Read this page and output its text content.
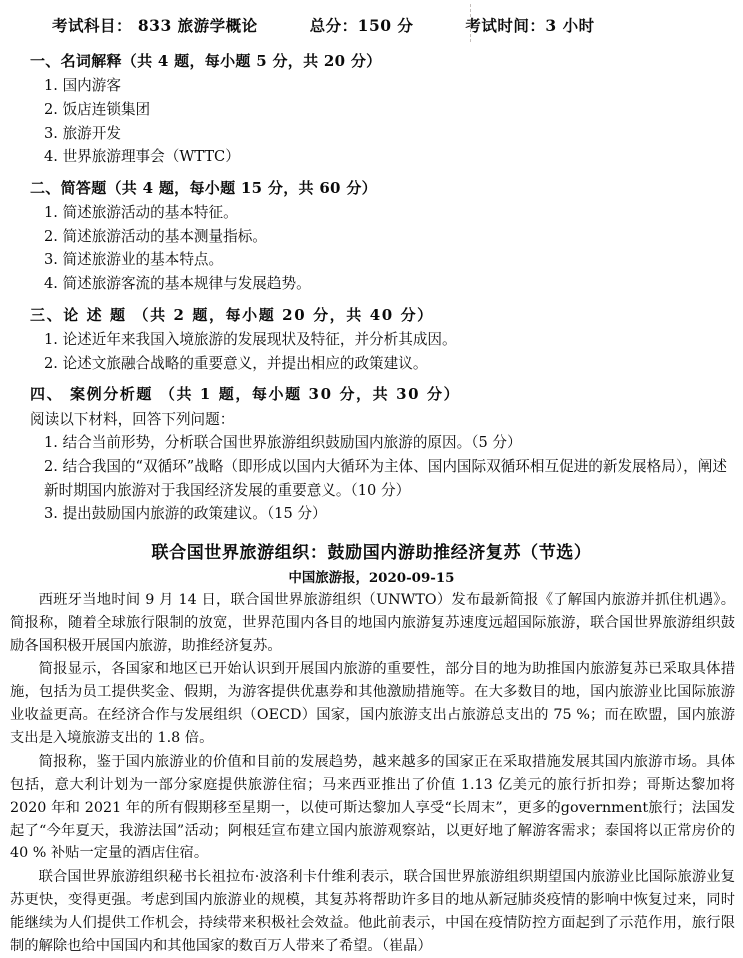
考试科目： 833 旅游学概论	总分：150 分	考试时间：3 小时
一、名词解释（共 4 题，每小题 5 分，共 20 分）
1. 国内游客
2. 饭店连锁集团
3. 旅游开发
4. 世界旅游理事会（WTTC）
二、简答题（共 4 题，每小题 15 分，共 60 分）
1. 简述旅游活动的基本特征。
2. 简述旅游活动的基本测量指标。
3. 简述旅游业的基本特点。
4. 简述旅游客流的基本规律与发展趋势。
三、论 述 题 （共 2 题，每小题 20 分，共 40 分）
1. 论述近年来我国入境旅游的发展现状及特征，并分析其成因。
2. 论述文旅融合战略的重要意义，并提出相应的政策建议。
四、 案例分析题 （共 1 题，每小题 30 分，共 30 分）
阅读以下材料，回答下列问题：
1. 结合当前形势，分析联合国世界旅游组织鼓励国内旅游的原因。（5 分）
2. 结合我国的“双循环”战略（即形成以国内大循环为主体、国内国际双循环相互促进的新发展格局），阐述新时期国内旅游对于我国经济发展的重要意义。（10 分）
3. 提出鼓励国内旅游的政策建议。（15 分）
联合国世界旅游组织：鼓励国内游助推经济复苏（节选）
中国旅游报，2020-09-15

西班牙当地时间 9 月 14 日，联合国世界旅游组织（UNWTO）发布最新简报《了解国内旅游并抓住机遇》。简报称，随着全球旅行限制的放宽，世界范围内各目的地国内旅游复苏速度远超国际旅游，联合国世界旅游组织鼓励各国积极开展国内旅游，助推经济复苏。

简报显示，各国家和地区已开始认识到开展国内旅游的重要性，部分目的地为助推国内旅游复苏已采取具体措施，包括为员工提供奖金、假期，为游客提供优惠券和其他激励措施等。在大多数目的地，国内旅游业比国际旅游业收益更高。在经济合作与发展组织（OECD）国家，国内旅游支出占旅游总支出的 75 %；而在欧盟，国内旅游支出是入境旅游支出的 1.8 倍。

简报称，鉴于国内旅游业的价值和目前的发展趋势，越来越多的国家正在采取措施发展其国内旅游市场。具体包括，意大利计划为一部分家庭提供旅游住宿；马来西亚推出了价值 1.13 亿美元的旅行折扣券；哥斯达黎加将 2020 年和 2021 年的所有假期移至星期一，以使可斯达黎加人享受“长周末”，更多的government旅行；法国发起了“今年夏天，我游法国”活动；阿根廷宣布建立国内旅游观察站，以更好地了解游客需求；泰国将以正常房价的 40 % 补贴一定量的酒店住宿。

联合国世界旅游组织秘书长祖拉布·波洛利卡什维利表示，联合国世界旅游组织期望国内旅游业比国际旅游业复苏更快，变得更强。考虑到国内旅游业的规模，其复苏将帮助许多目的地从新冠肺炎疫情的影响中恢复过来，同时能继续为人们提供工作机会，持续带来积极社会效益。他此前表示，中国在疫情防控方面起到了示范作用，旅行限制的解除也给中国国内和其他国家的数百万人带来了希望。（崔晶）
